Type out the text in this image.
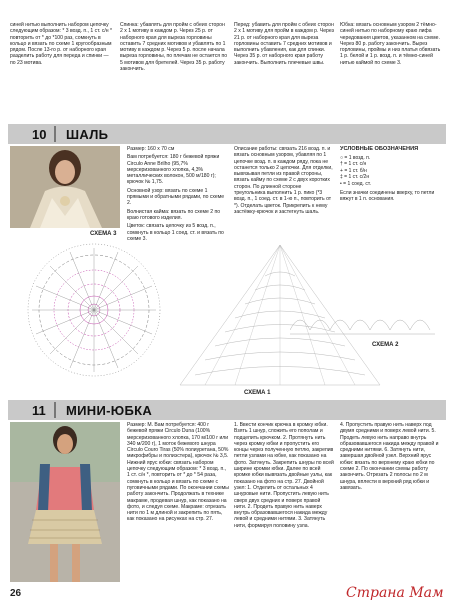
синей нитью выполнить набором цепочку следующим образом: * 3 возд. п., 1 ст. с/н * повторить от * до *100 раз, сомкнуть в кольцо и вязать по схеме 1 кругообразным рядом. После 13-го р. от наборного края разделить работу для переда и спинки — по 23 мотива.

Спинка: убавлять для пройм с обеих сторон 2 х 1 мотиву в каждом р. Через 25 р. от наборного края для выреза горловины оставить 7 средних мотивов и убавлять по 1 мотиву в каждом р. Через 5 р. после начала выреза горловины, по плечам не остается по 5 мотивов для бретелей. Через 35 р. работу закончить.

Перед: убавить для пройм с обеих сторон 2 х 1 мотиву для пройм в каждом р. Через 21 р. от наборного края для выреза горловины оставить 7 средних мотивов и выполнить убавления, как для спинки. Через 35 р. от наборного края работу закончить. Выполнить плечевые швы.

Юбка: вязать основным узором 2 тёмно-синей нитью по наборному краю лифа чередования цветов, указанном на схеме. Через 80 р. работу закончить. Вырез горловины, проймы и низ платья обвязать 1 р. белой и 1 р. возд. п. и тёмно-синей нитью каймой по схеме 3.

10 ШАЛЬ

Размер: 160 х 70 см

Вам потребуется: 180 г бежевой пряжи Circulo Anne Brilho (95,7% мерсеризованного хлопка, 4,3% металлических волокон, 500 м/180 г); крючок № 1,75.

Основной узор: вязать по схеме 1 прямыми и обратными рядами, по схеме 2.

Волнистая кайма: вязать по схеме 2 по краю готового изделия.

Цветок: связать цепочку из 5 возд. п., сомкнуть в кольцо 1 соед. ст. и вязать по схеме 3.

Описание работы: связать 216 возд. п. и вязать основным узором, убавляя по 1 цепочке возд. п. в каждом ряду, пока не останется только 2 цепочки. Для отделки, вывязывая петли из правой стороны, вязать кайму по схеме 2 с двух коротких сторон. По длинной стороне треугольника выполнить 1 р. пико (*3 возд. п., 1 соед. ст. в 1-ю п., повторить от *). Отделать цветок. Прикрепить к нему застёжку-крючок и застегнуть шаль.

УСЛОВНЫЕ ОБОЗНАЧЕНИЯ
○ = 1 возд. п.
† = 1 ст. с/н
+ = 1 ст. б/н
‡ = 1 ст. с/2н
• = 1 соед. ст.
Если значки соединены вверху, то петли вяжут в 1 п. основания.
СХЕМА 3
СХЕМА 2
СХЕМА 1
11 МИНИ-ЮБКА

Размер: M. Вам потребуется: 400 г бежевой пряжи Circulo Duna (100% мерсеризованного хлопка, 170 м/100 г или 340 м/200 г), 1 моток бежевого шнура Circulo Couro Tiras (50% полиуретана, 50% микрофибры и полиэстера), крючок № 3,5. Нижний ярус юбки: связать набором цепочку следующим образом: * 3 возд. п., 1 ст. с/н *, повторить от * до * 54 раза, сомкнуть в кольцо и вязать по схеме с пуговичными рядами. По окончании схемы работу закончить. Продолжать в технике макраме, продевая шнур, как показано на фото, и следуя схеме. Макраме: отрезать нити по 1 м длиной и закрепить по пять, как показано на рисунках на стр. 27.

1. Ввести кончик крючка в кромку юбки. Взять 1 шнур, сложить его пополам и подцепить крючком. 2. Протянуть нить через кромку юбки и пропустить его концы через полученную петлю, закрепив петли узлами на юбке, как показано на фото. Затянуть. Закрепить шнуры по всей ширине кромки юбки. Далее по всей кромке юбки вывязать двойные узлы, как показано на фото на стр. 27. Двойной узел: 1. Отделить от остальных 4 шнуровые нити. Пропустить левую нить сверх двух средних и поверх правой нити. 2. Продеть правую нить наверх внутрь образовавшегося накида между левой и средними нитями. 3. Затянуть нити, формируя половину узла.

4. Пропустить правую нить наверх под двумя средними и поверх левой нити. 5. Продеть левую нить направо внутрь образовавшегося накида между правой и средними нитями. 6. Затянуть нити, завершая двойной узел. Верхний ярус юбки: вязать по верхнему краю юбки по схеме 2. По окончании схемы работу закончить. Отрезать 2 полосы по 2 м шнура, вплести в верхний ряд юбки и завязать.

26	Страна Мам
